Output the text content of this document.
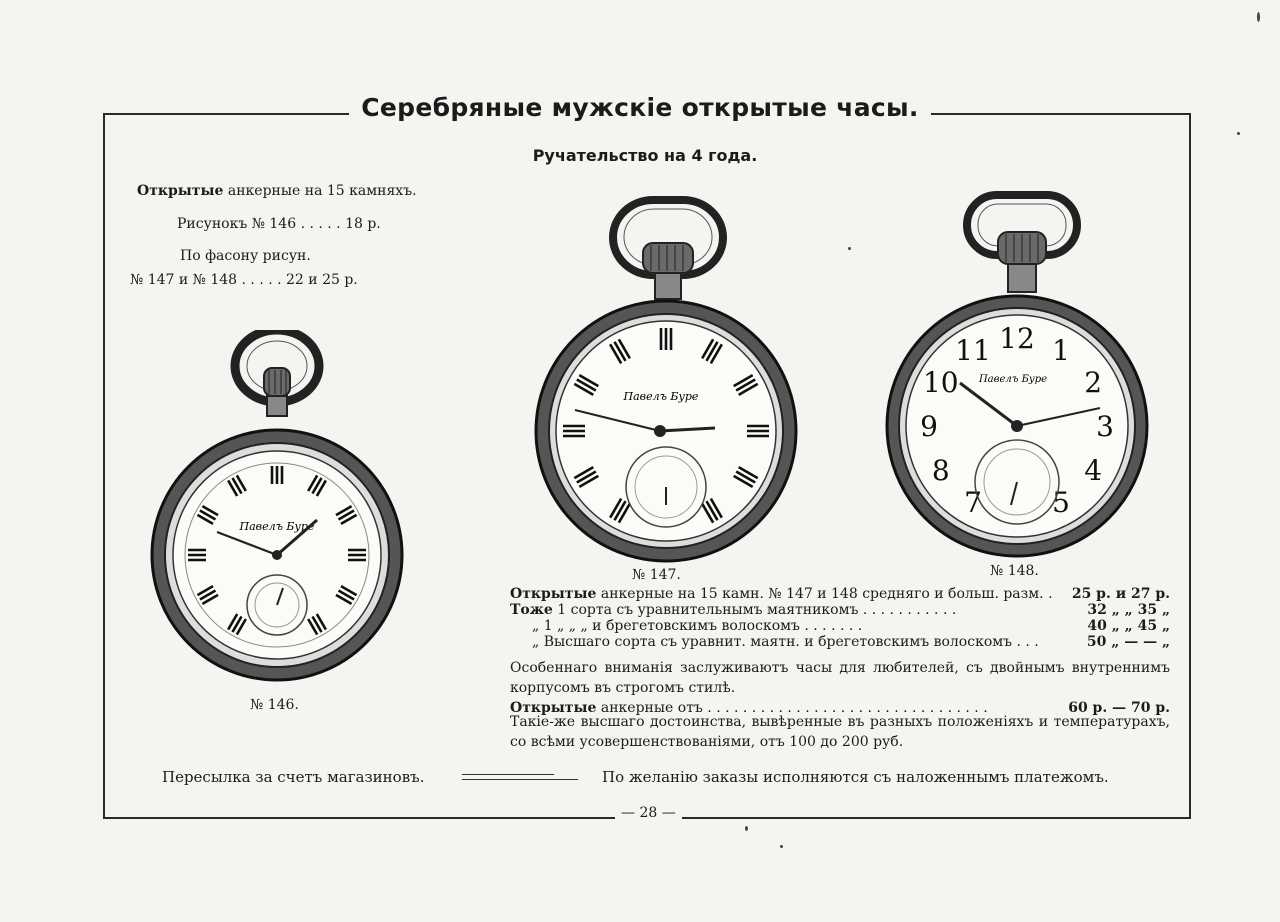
Серебряные мужскіе открытые часы.
Ручательство на 4 года.
Открытые анкерные на 15 камняхъ.
Рисунокъ № 146 . . . . . 18 р.
По фасону рисун.
№ 147 и № 148 . . . . . 22 и 25 р.
Павелъ Буре
Павелъ Буре
12 1
2
3
4
5
7
8
9
10
11
Павелъ Буре
№ 146.
№ 147.	№ 148.
Открытые анкерные на 15 камн. № 147 и 148 средняго и больш. разм. . 25 р. и 27 р.
Тоже 1 сорта съ уравнительнымъ маятникомъ . . . . . . . . . . .	32 „ „ 35 „
„ 1 „ „ „ и брегетовскимъ волоскомъ . . . . . . .	40 „ „ 45 „
„ Высшаго сорта съ уравнит. маятн. и брегетовскимъ волоскомъ . . .	50 „ — — „
Особеннаго вниманія заслуживаютъ часы для любителей, съ двойнымъ внутреннимъ корпусомъ въ строгомъ стилѣ.
Открытые анкерные отъ . . . . . . . . . . . . . . . . . . . . . . . . . . . . . . . .	60 р. — 70 р.
Такіе-же высшаго достоинства, вывѣренные въ разныхъ положеніяхъ и температурахъ, со всѣми усовершенствованіями, отъ 100 до 200 руб.
Пересылка за счетъ магазиновъ.	По желанію заказы исполняются съ наложеннымъ платежомъ.
— 28 —
